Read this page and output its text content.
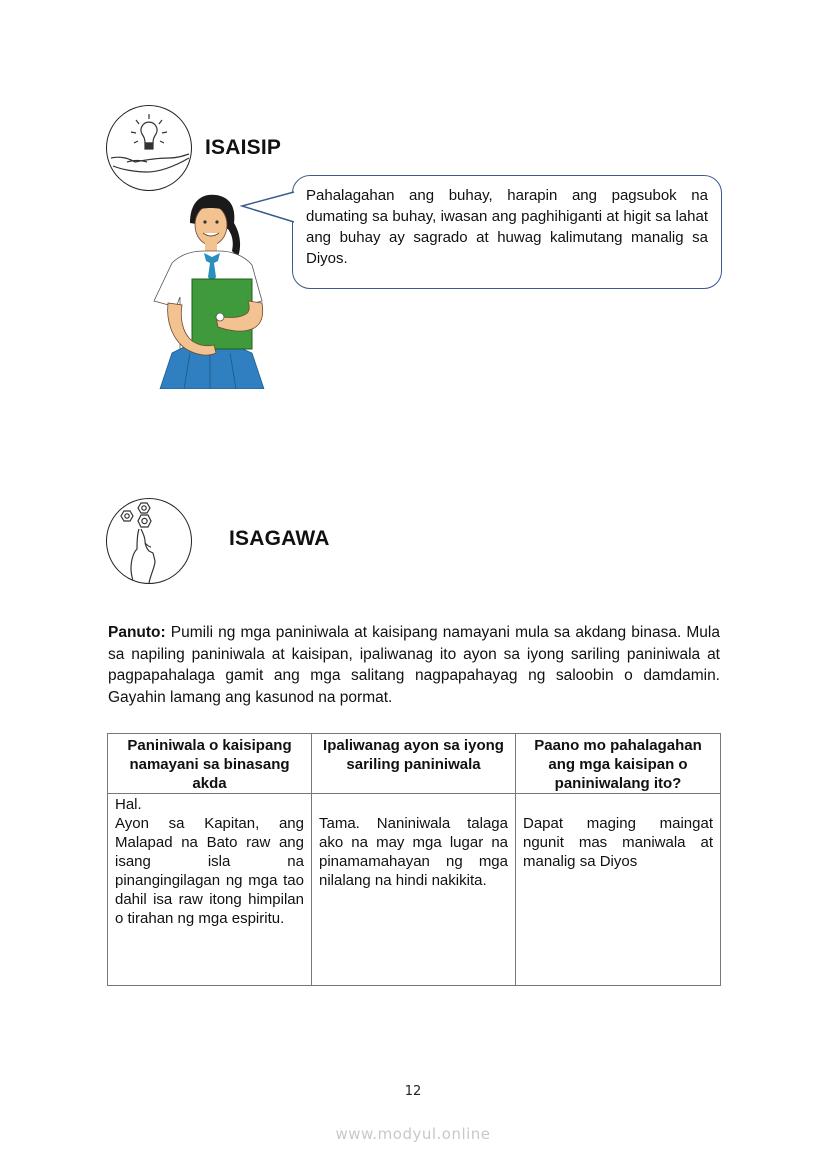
ISAISIP
Pahalagahan ang buhay, harapin ang pagsubok na dumating sa buhay, iwasan ang paghihiganti at higit sa lahat ang buhay ay sagrado at huwag kalimutang manalig sa Diyos.
ISAGAWA
Panuto: Pumili ng mga paniniwala at kaisipang namayani mula sa akdang binasa. Mula sa napiling paniniwala at kaisipan, ipaliwanag ito ayon sa iyong sariling paniniwala at pagpapahalaga gamit ang mga salitang nagpapahayag ng saloobin o damdamin. Gayahin lamang ang kasunod na pormat.
Paniniwala o kaisipang namayani sa binasang akda	Ipaliwanag ayon sa iyong sariling paniniwala	Paano mo pahalagahan ang mga kaisipan o paniniwalang ito?

Hal.
Ayon sa Kapitan, ang Malapad na Bato raw ang isang isla na pinangingilagan ng mga tao dahil isa raw itong himpilan o tirahan ng mga espiritu.	Tama. Naniniwala talaga ako na may mga lugar na pinamamahayan ng mga nilalang na hindi nakikita.	Dapat maging maingat ngunit mas maniwala at manalig sa Diyos
12
www.modyul.online
